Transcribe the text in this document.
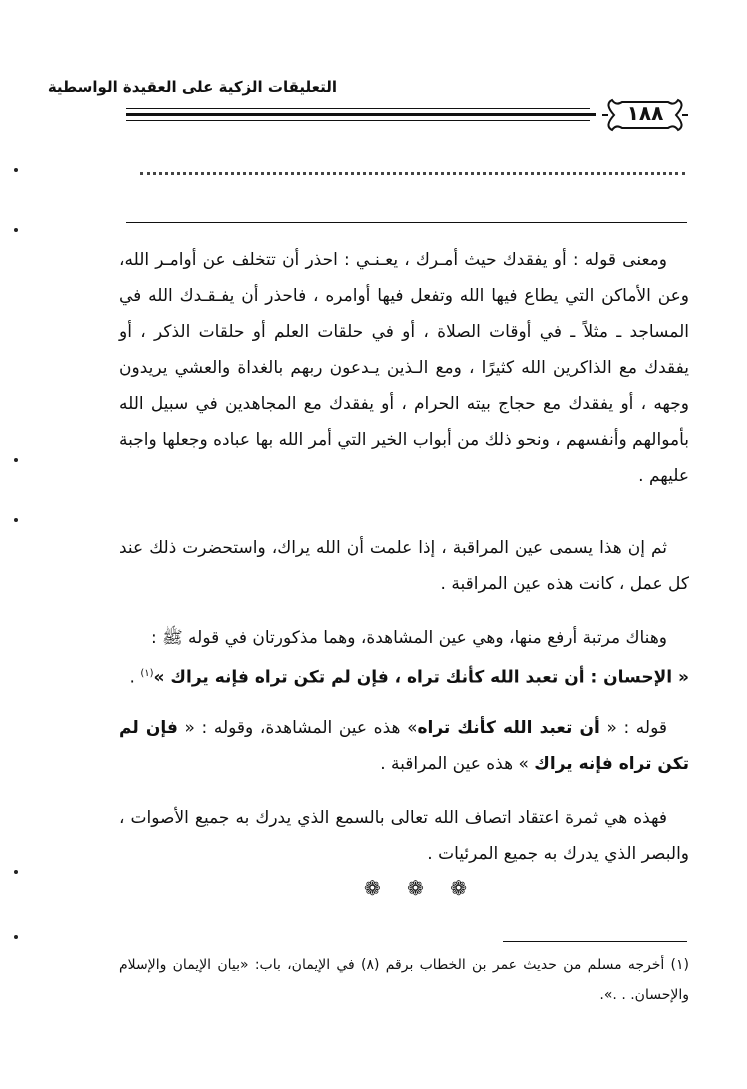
التعليقات الزكية على العقيدة الواسطية
١٨٨
ومعنى قوله : أو يفقدك حيث أمـرك ، يعـنـي : احذر أن تتخلف عن أوامـر الله، وعن الأماكن التي يطاع فيها الله وتفعل فيها أوامره ، فاحذر أن يفـقـدك الله في المساجد ـ مثلاً ـ في أوقات الصلاة ، أو في حلقات العلم أو حلقات الذكر ، أو يفقدك مع الذاكرين الله كثيرًا ، ومع الـذين يـدعون ربهم بالغداة والعشي يريدون وجهه ، أو يفقدك مع حجاج بيته الحرام ، أو يفقدك مع المجاهدين في سبيل الله بأموالهم وأنفسهم ، ونحو ذلك من أبواب الخير التي أمر الله بها عباده وجعلها واجبة عليهم .
ثم إن هذا يسمى عين المراقبة ، إذا علمت أن الله يراك، واستحضرت ذلك عند كل عمل ، كانت هذه عين المراقبة .
وهناك مرتبة أرفع منها، وهي عين المشاهدة، وهما مذكورتان في قوله ﷺ :
« الإحسان : أن تعبد الله كأنك تراه ، فإن لم تكن تراه فإنه يراك »$^{(١)}$ .
قوله : « أن تعبد الله كأنك تراه» هذه عين المشاهدة، وقوله : « فإن لم تكن تراه فإنه يراك » هذه عين المراقبة .
فهذه هي ثمرة اعتقاد اتصاف الله تعالى بالسمع الذي يدرك به جميع الأصوات ، والبصر الذي يدرك به جميع المرئيات .
❁ ❁ ❁
(١) أخرجه مسلم من حديث عمر بن الخطاب برقم (٨) في الإيمان، باب: «بيان الإيمان والإسلام والإحسان. . .».
